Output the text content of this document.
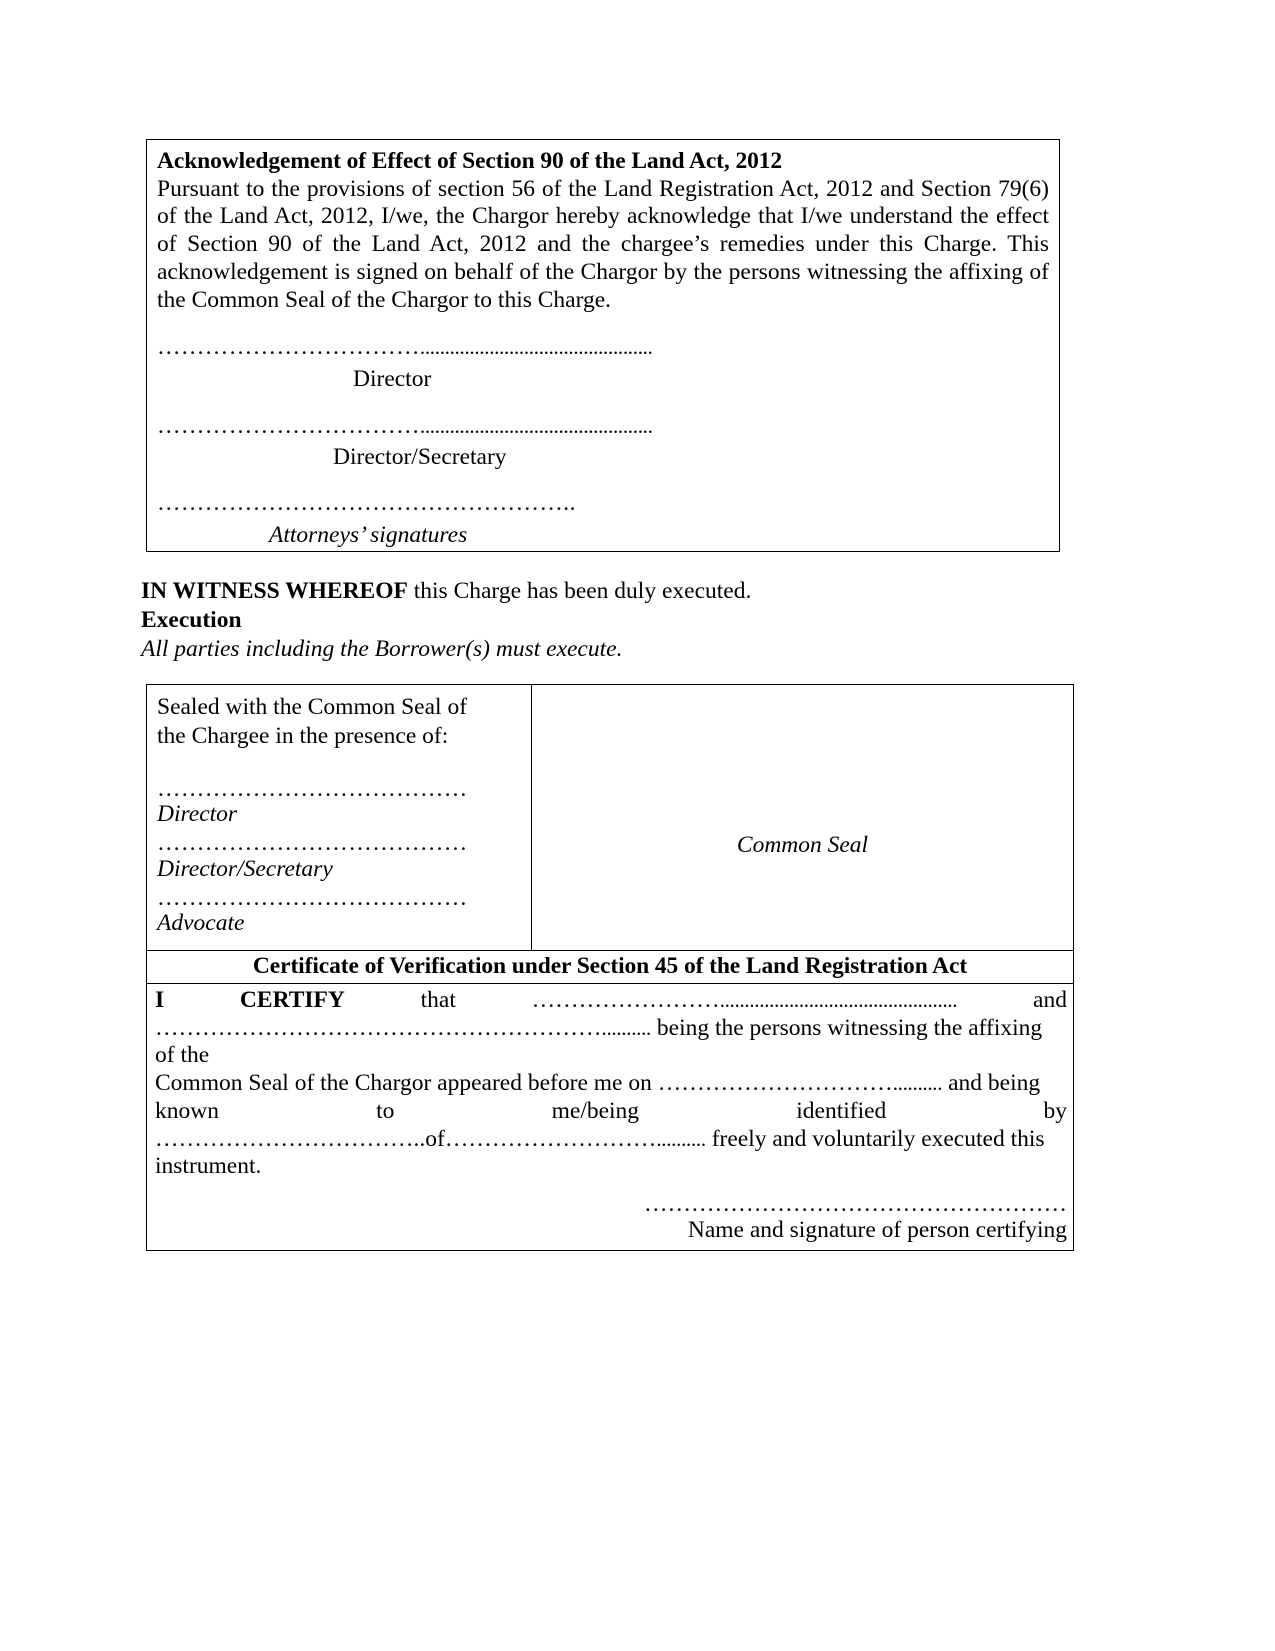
Acknowledgement of Effect of Section 90 of the Land Act, 2012
Pursuant to the provisions of section 56 of the Land Registration Act, 2012 and Section 79(6) of the Land Act, 2012, I/we, the Chargor hereby acknowledge that I/we understand the effect of Section 90 of the Land Act, 2012 and the chargee’s remedies under this Charge. This acknowledgement is signed on behalf of the Chargor by the persons witnessing the affixing of the Common Seal of the Chargor to this Charge.
……………………………...............................................
Director
……………………………...............................................
Director/Secretary
……………………………………………..
Attorneys’ signatures
IN WITNESS WHEREOF this Charge has been duly executed.
Execution
All parties including the Borrower(s) must execute.
Sealed with the Common Seal of
the Chargee in the presence of:
…………………………………
Director
…………………………………
Director/Secretary
…………………………………
Advocate

Common Seal

Certificate of Verification under Section 45 of the Land Registration Act

I	CERTIFY	that	……………………................................................	and
………………………………………………….......... being the persons witnessing the affixing of the
Common Seal of the Chargor appeared before me on ………………………….......... and being
known	to	me/being	identified	by
……………………………..of……………………….......... freely and voluntarily executed this
instrument.
………………………………………………
Name and signature of person certifying
